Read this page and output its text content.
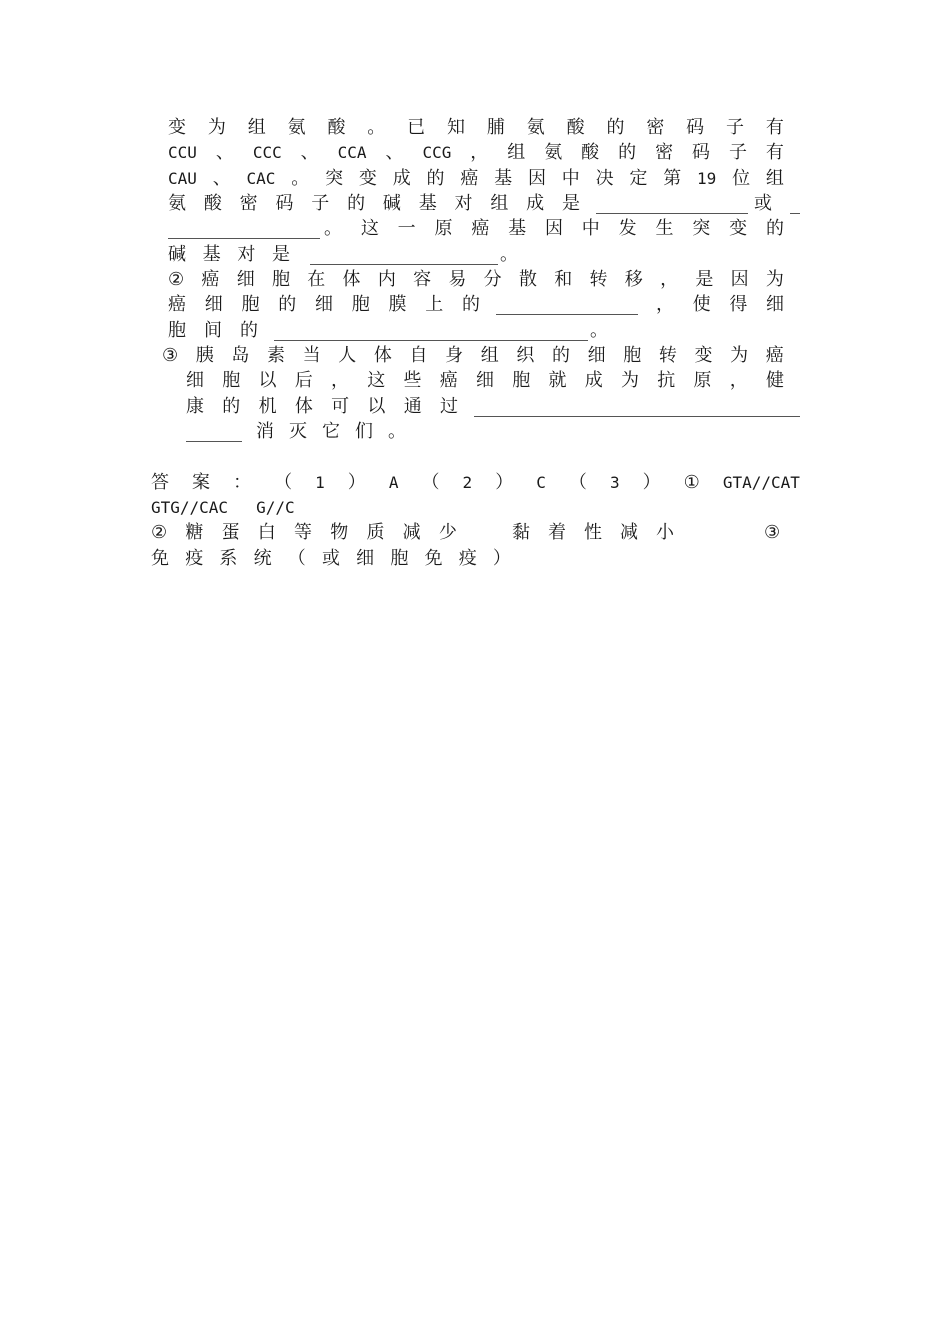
变 为 组 氨 酸 。 已 知 脯 氨 酸 的 密 码 子 有
CCU 、 CCC 、 CCA 、 CCG ， 组 氨 酸 的 密 码 子 有
CAU 、 CAC 。 突 变 成 的 癌 基 因 中 决 定 第 19 位 组
氨 酸 密 码 子 的 碱 基 对 组 成 是	或
。 这 一 原 癌 基 因 中 发 生 突 变 的
碱 基 对 是	。
② 癌 细 胞 在 体 内 容 易 分 散 和 转 移 ， 是 因 为
癌 细 胞 的 细 胞 膜 上 的	， 使 得 细
胞 间 的	。
③ 胰 岛 素 当 人 体 自 身 组 织 的 细 胞 转 变 为 癌
细 胞 以 后 ， 这 些 癌 细 胞 就 成 为 抗 原 ， 健
康 的 机 体 可 以 通 过
消 灭 它 们 。
答 案 ： （ 1 ） A （ 2 ） C （ 3 ） ① GTA//CAT
GTG//CAC G//C
② 糖 蛋 白 等 物 质 减 少	黏 着 性 减 小	③
免 疫 系 统 （ 或 细 胞 免 疫 ）
